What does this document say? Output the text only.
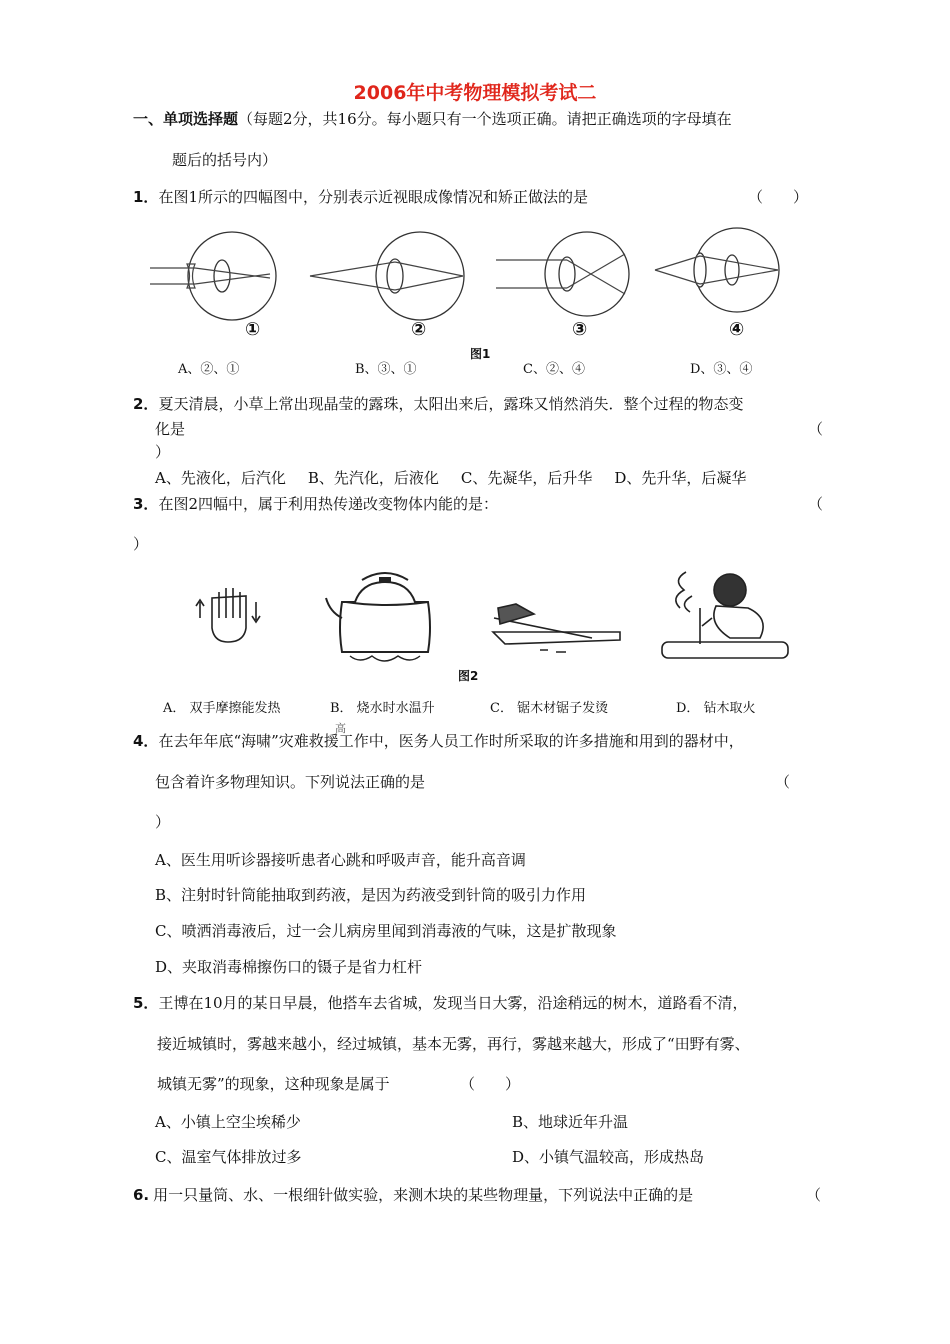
2006年中考物理模拟考试二
一、单项选择题（每题2分，共16分。每小题只有一个选项正确。请把正确选项的字母填在
题后的括号内）
1．在图1所示的四幅图中，分别表示近视眼成像情况和矫正做法的是	（　　）
①	②	③	④
图1
A、②、①	B、③、①	C、②、④	D、③、④
2．夏天清晨，小草上常出现晶莹的露珠，太阳出来后，露珠又悄然消失．整个过程的物态变
化是	（
）
A、先液化，后汽化 B、先汽化，后液化 C、先凝华，后升华 D、先升华，后凝华
3．在图2四幅中，属于利用热传递改变物体内能的是：	（
）
图2
A． 双手摩擦能发热	B． 烧水时水温升	C． 锯木材锯子发烫	D． 钻木取火
高
4．在去年年底“海啸”灾难救援工作中，医务人员工作时所采取的许多措施和用到的器材中，
包含着许多物理知识。下列说法正确的是	（
）
A、医生用听诊器接听患者心跳和呼吸声音，能升高音调
B、注射时针筒能抽取到药液，是因为药液受到针筒的吸引力作用
C、喷洒消毒液后，过一会儿病房里闻到消毒液的气味，这是扩散现象
D、夹取消毒棉擦伤口的镊子是省力杠杆
5．王博在10月的某日早晨，他搭车去省城，发现当日大雾，沿途稍远的树木，道路看不清，
接近城镇时，雾越来越小，经过城镇，基本无雾，再行，雾越来越大，形成了“田野有雾、
城镇无雾”的现象，这种现象是属于	（　　）
A、小镇上空尘埃稀少	B、地球近年升温
C、温室气体排放过多	D、小镇气温较高，形成热岛
6. 用一只量筒、水、一根细针做实验，来测木块的某些物理量，下列说法中正确的是	（
